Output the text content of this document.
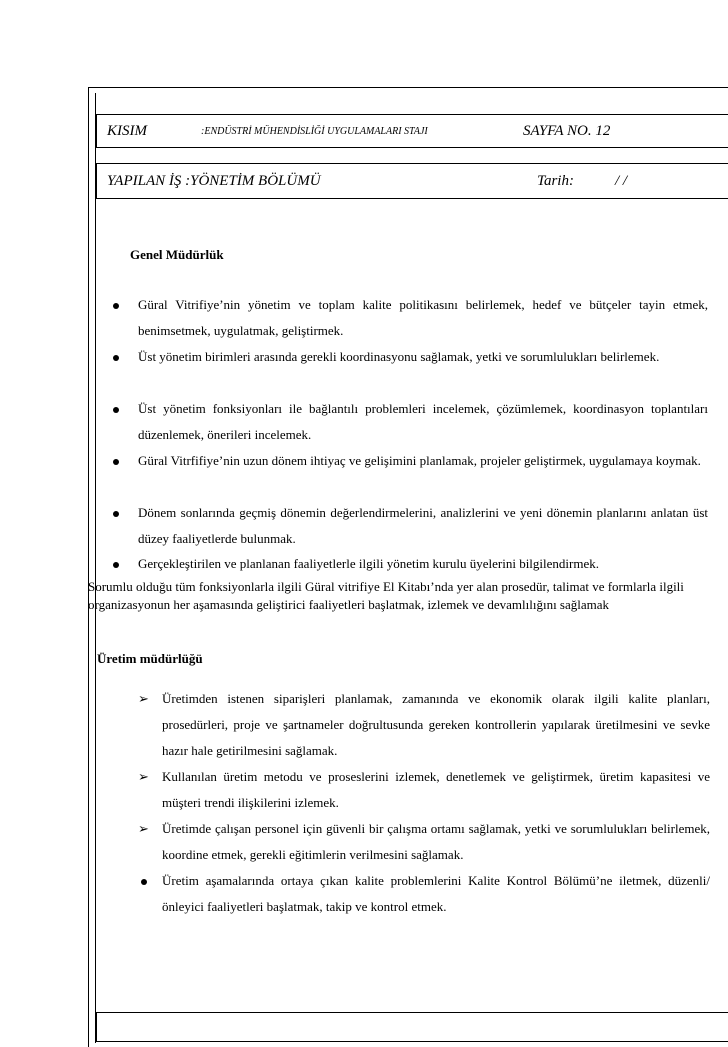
KISIM	:ENDÜSTRİ MÜHENDİSLİĞİ UYGULAMALARI STAJI	SAYFA NO. 12
YAPILAN İŞ :YÖNETİM BÖLÜMÜ	Tarih:	/ /
Genel Müdürlük
Güral Vitrifiye’nin yönetim ve toplam kalite politikasını belirlemek, hedef ve bütçeler tayin etmek, benimsetmek, uygulatmak, geliştirmek.
Üst yönetim birimleri arasında gerekli koordinasyonu sağlamak, yetki ve sorumlulukları belirlemek.
Üst yönetim fonksiyonları ile bağlantılı problemleri incelemek, çözümlemek, koordinasyon toplantıları düzenlemek, önerileri incelemek.
Güral Vitrfifiye’nin uzun dönem ihtiyaç ve gelişimini planlamak, projeler geliştirmek, uygulamaya koymak.
Dönem sonlarında geçmiş dönemin değerlendirmelerini, analizlerini ve yeni dönemin planlarını anlatan üst düzey faaliyetlerde bulunmak.
Gerçekleştirilen ve planlanan faaliyetlerle ilgili yönetim kurulu üyelerini bilgilendirmek.
Sorumlu olduğu tüm fonksiyonlarla ilgili Güral vitrifiye El Kitabı’nda yer alan prosedür, talimat ve formlarla ilgili organizasyonun her aşamasında geliştirici faaliyetleri başlatmak, izlemek ve devamlılığını sağlamak
Üretim müdürlüğü
➢	Üretimden istenen siparişleri planlamak, zamanında ve ekonomik olarak ilgili kalite planları, prosedürleri, proje ve şartnameler doğrultusunda gereken kontrollerin yapılarak üretilmesini ve sevke hazır hale getirilmesini sağlamak.
➢	Kullanılan üretim metodu ve proseslerini izlemek, denetlemek ve geliştirmek, üretim kapasitesi ve müşteri trendi ilişkilerini izlemek.
➢	Üretimde çalışan personel için güvenli bir çalışma ortamı sağlamak, yetki ve sorumlulukları belirlemek, koordine etmek, gerekli eğitimlerin verilmesini sağlamak.
Üretim aşamalarında ortaya çıkan kalite problemlerini Kalite Kontrol Bölümü’ne iletmek, düzenli/önleyici faaliyetleri başlatmak, takip ve kontrol etmek.
